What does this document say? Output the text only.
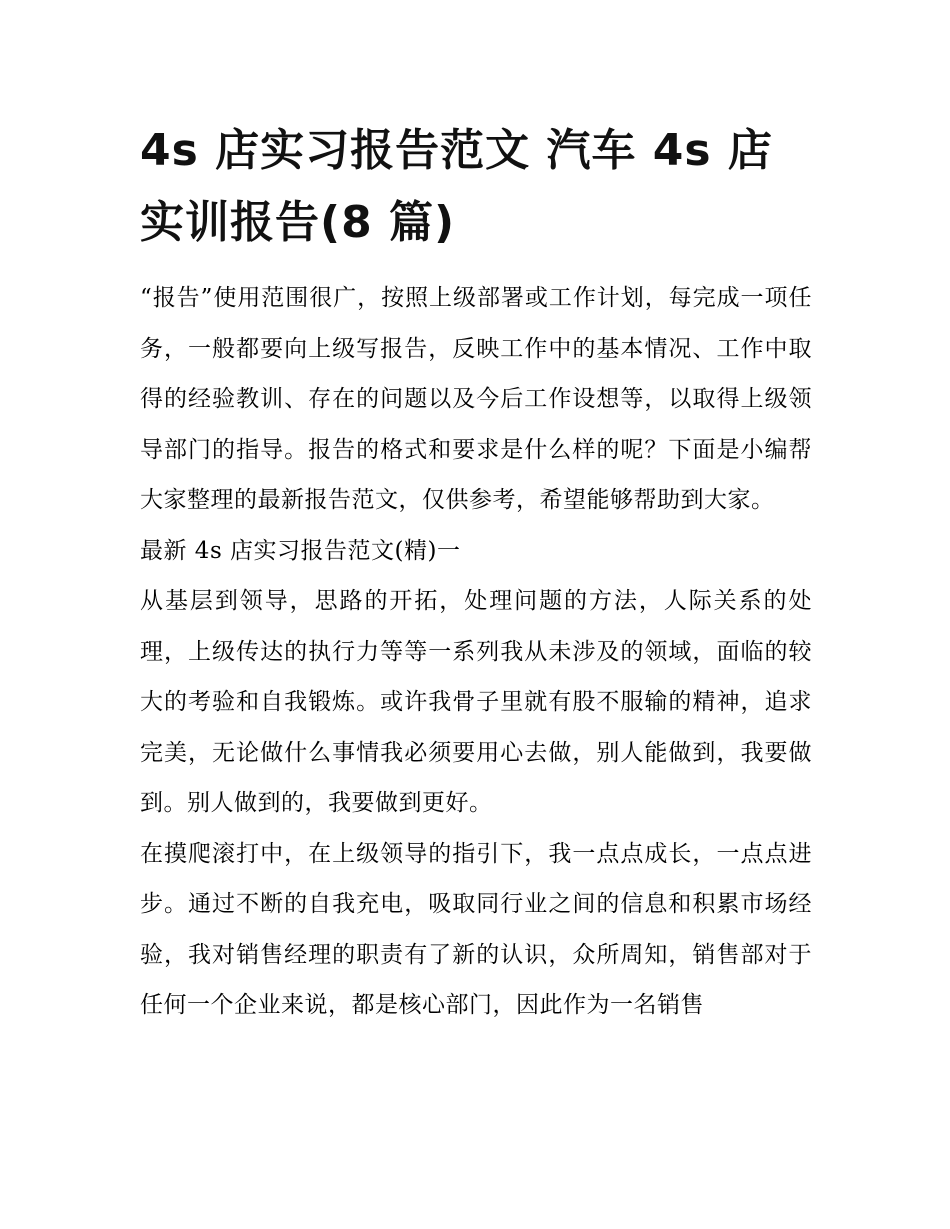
4s 店实习报告范文 汽车 4s 店实训报告(8 篇)

“报告”使用范围很广，按照上级部署或工作计划，每完成一项任务，一般都要向上级写报告，反映工作中的基本情况、工作中取得的经验教训、存在的问题以及今后工作设想等，以取得上级领导部门的指导。报告的格式和要求是什么样的呢？下面是小编帮大家整理的最新报告范文，仅供参考，希望能够帮助到大家。

最新 4s 店实习报告范文(精)一

从基层到领导，思路的开拓，处理问题的方法，人际关系的处理，上级传达的执行力等等一系列我从未涉及的领域，面临的较大的考验和自我锻炼。或许我骨子里就有股不服输的精神，追求完美，无论做什么事情我必须要用心去做，别人能做到，我要做到。别人做到的，我要做到更好。

在摸爬滚打中，在上级领导的指引下，我一点点成长，一点点进步。通过不断的自我充电，吸取同行业之间的信息和积累市场经验，我对销售经理的职责有了新的认识，众所周知，销售部对于任何一个企业来说，都是核心部门，因此作为一名销售
